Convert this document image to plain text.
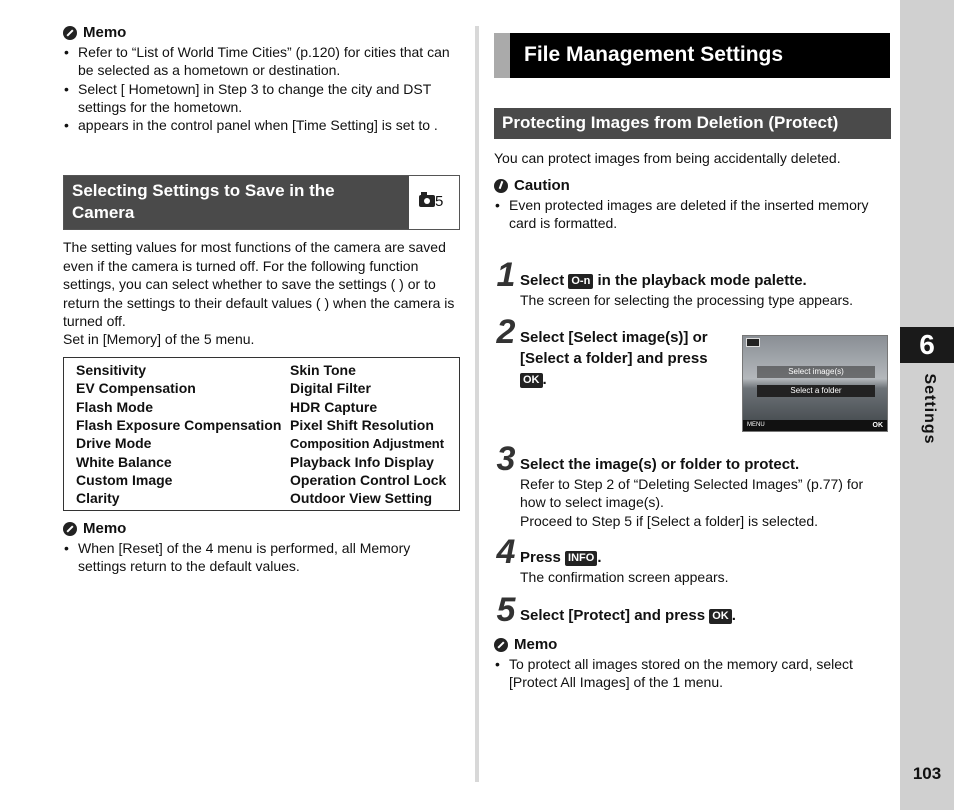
Memo
• Refer to “List of World Time Cities” (p.120) for cities that can be selected as a hometown or destination.
• Select [ Hometown] in Step 3 to change the city and DST settings for the hometown.
• appears in the control panel when [Time Setting] is set to .
Selecting Settings to Save in the Camera
5
The setting values for most functions of the camera are saved even if the camera is turned off. For the following function settings, you can select whether to save the settings ( ) or to return the settings to their default values ( ) when the camera is turned off.
Set in [Memory] of the 5 menu.
Sensitivity	Skin Tone
EV Compensation	Digital Filter
Flash Mode	HDR Capture
Flash Exposure Compensation	Pixel Shift Resolution
Drive Mode	Composition Adjustment
White Balance	Playback Info Display
Custom Image	Operation Control Lock
Clarity	Outdoor View Setting
Memo
• When [Reset] of the 4 menu is performed, all Memory settings return to the default values.
File Management Settings
Protecting Images from Deletion (Protect)
You can protect images from being accidentally deleted.
Caution
• Even protected images are deleted if the inserted memory card is formatted.
1 Select O-n in the playback mode palette.
The screen for selecting the processing type appears.
2 Select [Select image(s)] or [Select a folder] and press OK .	Select image(s)
Select a folder
MENU	OK
3 Select the image(s) or folder to protect.
Refer to Step 2 of “Deleting Selected Images” (p.77) for how to select image(s).
Proceed to Step 5 if [Select a folder] is selected.
4 Press INFO .
The confirmation screen appears.
5 Select [Protect] and press OK .
Memo
• To protect all images stored on the memory card, select [Protect All Images] of the 1 menu.
6
Settings
103
